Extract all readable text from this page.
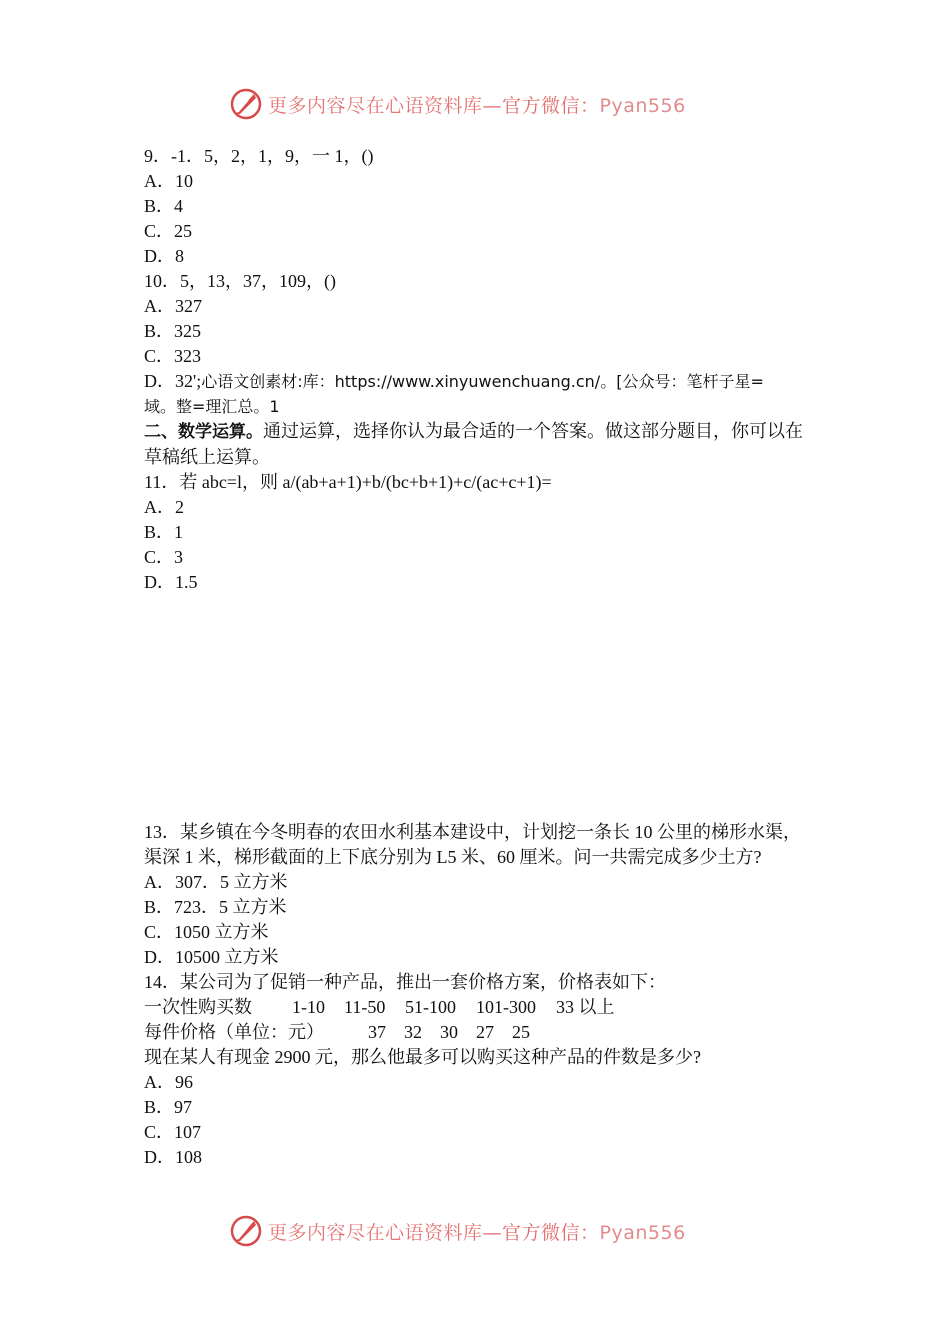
更多内容尽在心语资料库—官方微信：Pyan556
9．-1．5，2，1，9，一 1，()
A．10
B．4
C．25
D．8
10．5，13，37，109，()
A．327
B．325
C．323
D．32';心语文创素材:库：https://www.xinyuwenchuang.cn/。[公众号：笔杆子星=
域。整=理汇总。1
二、数学运算。通过运算，选择你认为最合适的一个答案。做这部分题目，你可以在草稿纸上运算。
11．若 abc=l，则 a/(ab+a+1)+b/(bc+b+1)+c/(ac+c+1)=
A．2
B．1
C．3
D．1.5
13．某乡镇在今冬明春的农田水利基本建设中，计划挖一条长 10 公里的梯形水渠，渠深 1 米，梯形截面的上下底分别为 L5 米、60 厘米。问一共需完成多少土方?
A．307．5 立方米
B．723．5 立方米
C．1050 立方米
D．10500 立方米
14．某公司为了促销一种产品，推出一套价格方案，价格表如下：
一次性购买数 1-10 11-50 51-100 101-300 33 以上
每件价格（单位：元） 37 32 30 27 25
现在某人有现金 2900 元，那么他最多可以购买这种产品的件数是多少?
A．96
B．97
C．107
D．108
更多内容尽在心语资料库—官方微信：Pyan556
